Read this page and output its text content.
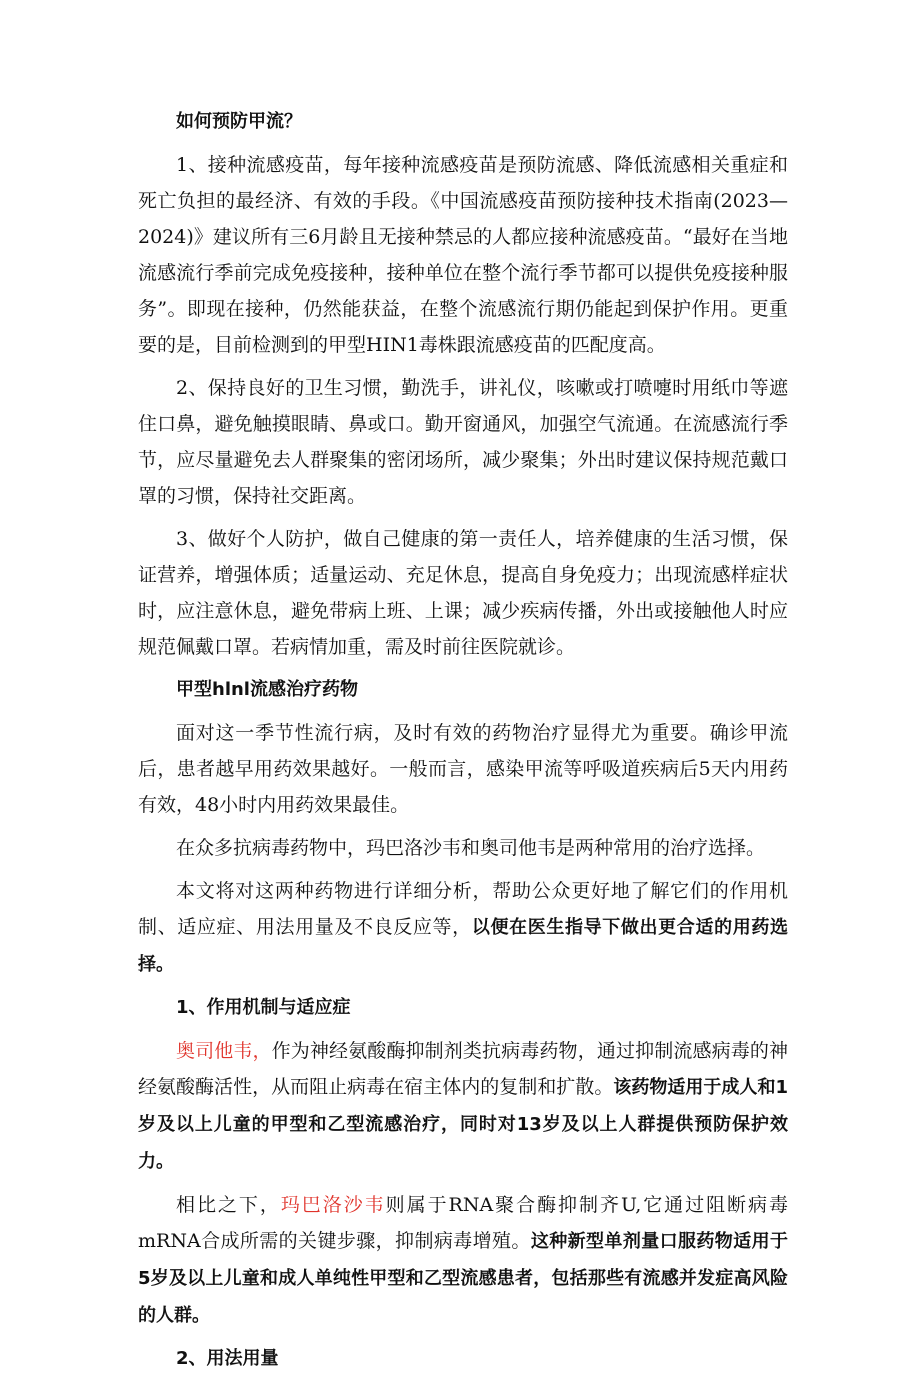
如何预防甲流？

1、接种流感疫苗，每年接种流感疫苗是预防流感、降低流感相关重症和死亡负担的最经济、有效的手段。《中国流感疫苗预防接种技术指南(2023—2024)》建议所有三6月龄且无接种禁忌的人都应接种流感疫苗。“最好在当地流感流行季前完成免疫接种，接种单位在整个流行季节都可以提供免疫接种服务”。即现在接种，仍然能获益，在整个流感流行期仍能起到保护作用。更重要的是，目前检测到的甲型HIN1毒株跟流感疫苗的匹配度高。

2、保持良好的卫生习惯，勤洗手，讲礼仪，咳嗽或打喷嚏时用纸巾等遮住口鼻，避免触摸眼睛、鼻或口。勤开窗通风，加强空气流通。在流感流行季节，应尽量避免去人群聚集的密闭场所，减少聚集；外出时建议保持规范戴口罩的习惯，保持社交距离。

3、做好个人防护，做自己健康的第一责任人，培养健康的生活习惯，保证营养，增强体质；适量运动、充足休息，提高自身免疫力；出现流感样症状时，应注意休息，避免带病上班、上课；减少疾病传播，外出或接触他人时应规范佩戴口罩。若病情加重，需及时前往医院就诊。

甲型hlnl流感治疗药物

面对这一季节性流行病，及时有效的药物治疗显得尤为重要。确诊甲流后，患者越早用药效果越好。一般而言，感染甲流等呼吸道疾病后5天内用药有效，48小时内用药效果最佳。

在众多抗病毒药物中，玛巴洛沙韦和奥司他韦是两种常用的治疗选择。

本文将对这两种药物进行详细分析，帮助公众更好地了解它们的作用机制、适应症、用法用量及不良反应等，以便在医生指导下做出更合适的用药选择。

1、作用机制与适应症

奥司他韦，作为神经氨酸酶抑制剂类抗病毒药物，通过抑制流感病毒的神经氨酸酶活性，从而阻止病毒在宿主体内的复制和扩散。该药物适用于成人和1岁及以上儿童的甲型和乙型流感治疗，同时对13岁及以上人群提供预防保护效力。

相比之下，玛巴洛沙韦则属于RNA聚合酶抑制齐U,它通过阻断病毒mRNA合成所需的关键步骤，抑制病毒增殖。这种新型单剂量口服药物适用于5岁及以上儿童和成人单纯性甲型和乙型流感患者，包括那些有流感并发症高风险的人群。

2、用法用量
